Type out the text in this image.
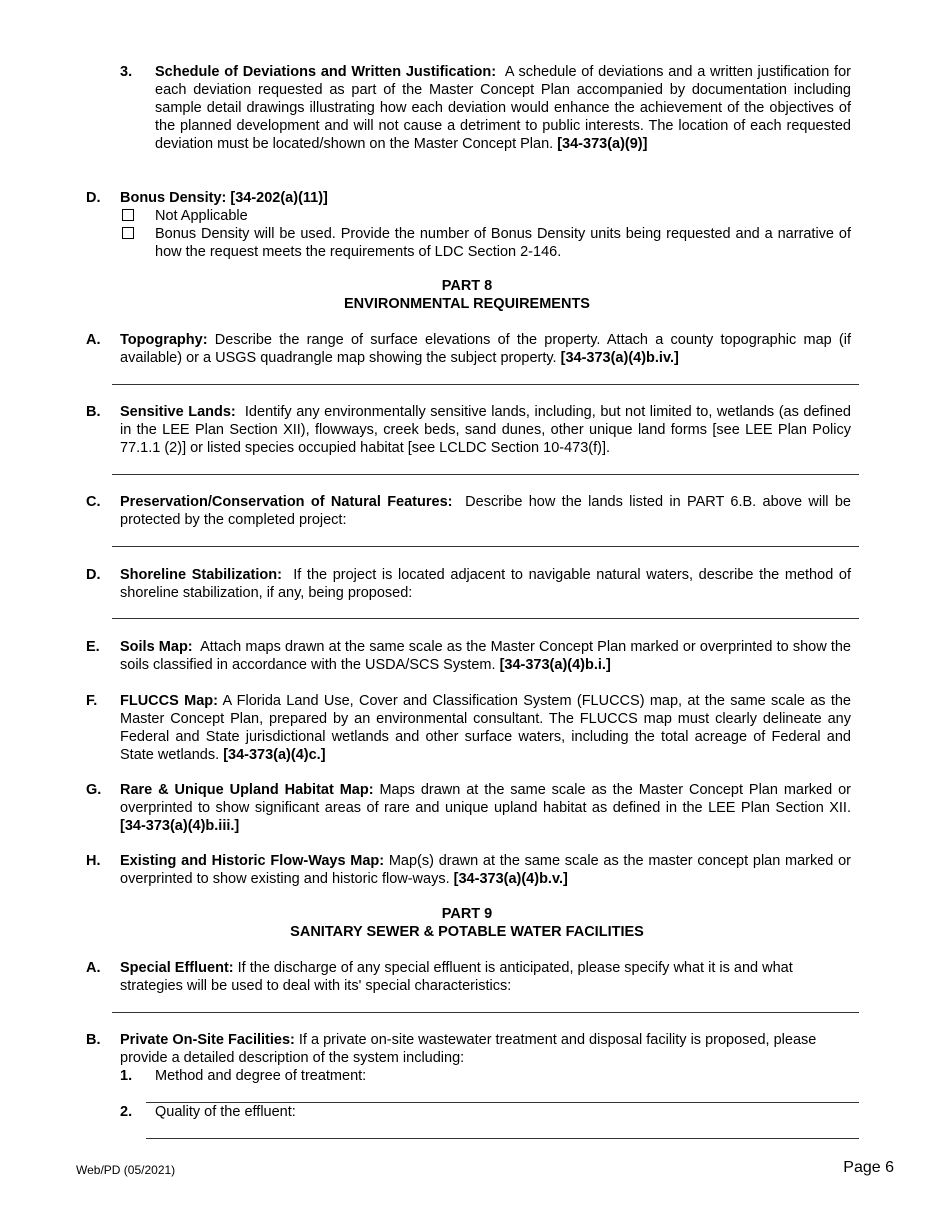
3. Schedule of Deviations and Written Justification: A schedule of deviations and a written justification for each deviation requested as part of the Master Concept Plan accompanied by documentation including sample detail drawings illustrating how each deviation would enhance the achievement of the objectives of the planned development and will not cause a detriment to public interests. The location of each requested deviation must be located/shown on the Master Concept Plan. [34-373(a)(9)]
D. Bonus Density: [34-202(a)(11)]
Not Applicable
Bonus Density will be used. Provide the number of Bonus Density units being requested and a narrative of how the request meets the requirements of LDC Section 2-146.
PART 8
ENVIRONMENTAL REQUIREMENTS
A. Topography: Describe the range of surface elevations of the property. Attach a county topographic map (if available) or a USGS quadrangle map showing the subject property. [34-373(a)(4)b.iv.]
B. Sensitive Lands: Identify any environmentally sensitive lands, including, but not limited to, wetlands (as defined in the LEE Plan Section XII), flowways, creek beds, sand dunes, other unique land forms [see LEE Plan Policy 77.1.1 (2)] or listed species occupied habitat [see LCLDC Section 10-473(f)].
C. Preservation/Conservation of Natural Features: Describe how the lands listed in PART 6.B. above will be protected by the completed project:
D. Shoreline Stabilization: If the project is located adjacent to navigable natural waters, describe the method of shoreline stabilization, if any, being proposed:
E. Soils Map: Attach maps drawn at the same scale as the Master Concept Plan marked or overprinted to show the soils classified in accordance with the USDA/SCS System. [34-373(a)(4)b.i.]
F. FLUCCS Map: A Florida Land Use, Cover and Classification System (FLUCCS) map, at the same scale as the Master Concept Plan, prepared by an environmental consultant. The FLUCCS map must clearly delineate any Federal and State jurisdictional wetlands and other surface waters, including the total acreage of Federal and State wetlands. [34-373(a)(4)c.]
G. Rare & Unique Upland Habitat Map: Maps drawn at the same scale as the Master Concept Plan marked or overprinted to show significant areas of rare and unique upland habitat as defined in the LEE Plan Section XII. [34-373(a)(4)b.iii.]
H. Existing and Historic Flow-Ways Map: Map(s) drawn at the same scale as the master concept plan marked or overprinted to show existing and historic flow-ways. [34-373(a)(4)b.v.]
PART 9
SANITARY SEWER & POTABLE WATER FACILITIES
A. Special Effluent: If the discharge of any special effluent is anticipated, please specify what it is and what strategies will be used to deal with its' special characteristics:
B. Private On-Site Facilities: If a private on-site wastewater treatment and disposal facility is proposed, please provide a detailed description of the system including:
1. Method and degree of treatment:
2. Quality of the effluent:
Web/PD (05/2021)	Page 6
